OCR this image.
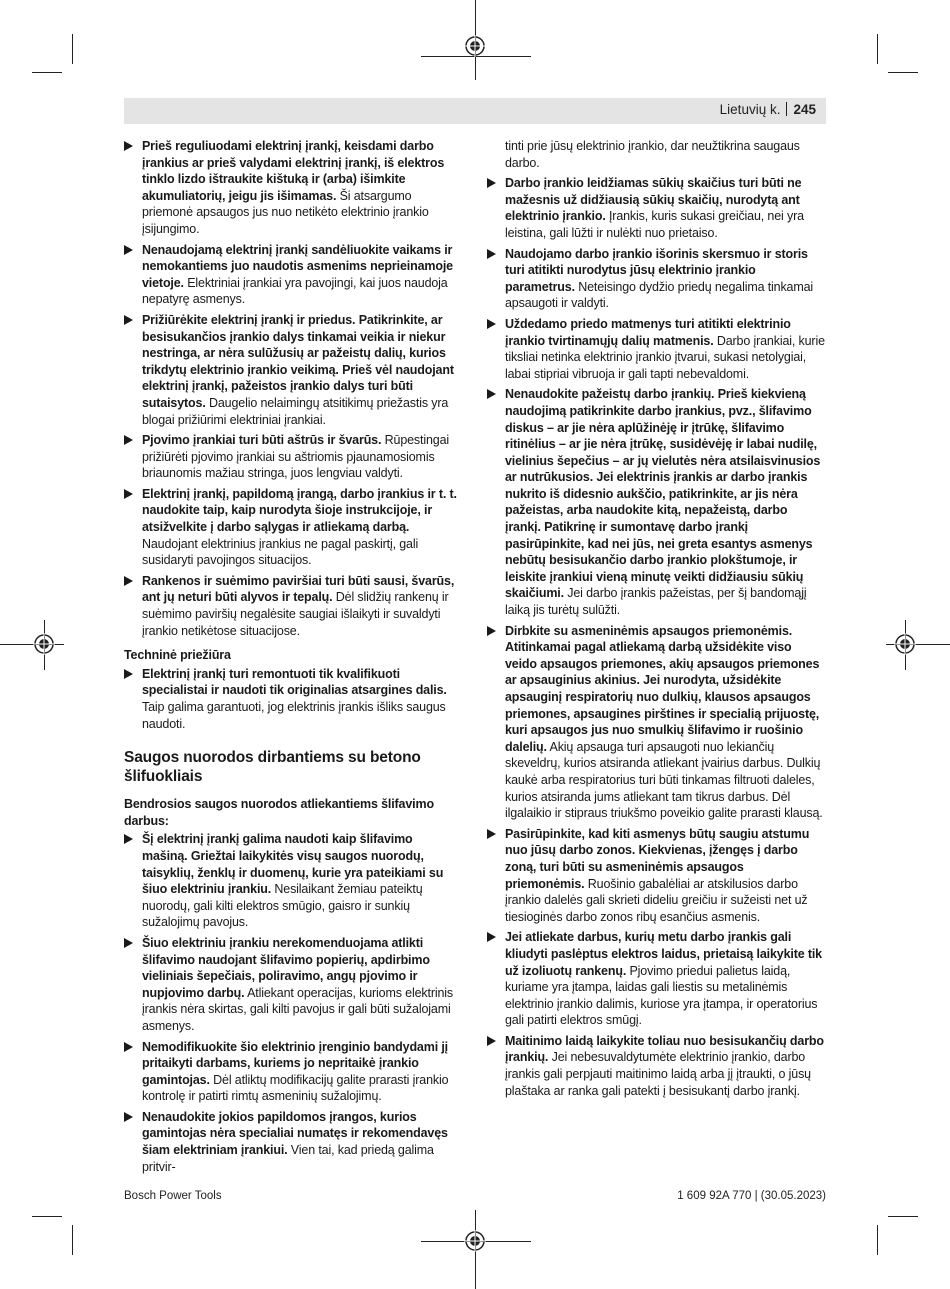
Lietuvių k. 245
Prieš reguliuodami elektrinį įrankį, keisdami darbo įrankius ar prieš valydami elektrinį įrankį, iš elektros tinklo lizdo ištraukite kištuką ir (arba) išimkite akumuliatorių, jeigu jis išimamas. Ši atsargumo priemonė apsaugos jus nuo netikėto elektrinio įrankio įsijungimo.
Nenaudojamą elektrinį įrankį sandėliuokite vaikams ir nemokantiems juo naudotis asmenims neprieinamoje vietoje. Elektriniai įrankiai yra pavojingi, kai juos naudoja nepatyrę asmenys.
Prižiūrėkite elektrinį įrankį ir priedus. Patikrinkite, ar besisukančios įrankio dalys tinkamai veikia ir niekur nestringa, ar nėra sulūžusių ar pažeistų dalių, kurios trikdytų elektrinio įrankio veikimą. Prieš vėl naudojant elektrinį įrankį, pažeistos įrankio dalys turi būti sutaisytos. Daugelio nelaimingų atsitikimų priežastis yra blogai prižiūrimi elektriniai įrankiai.
Pjovimo įrankiai turi būti aštrūs ir švarūs. Rūpestingai prižiūrėti pjovimo įrankiai su aštriomis pjaunamosiomis briaunomis mažiau stringa, juos lengviau valdyti.
Elektrinį įrankį, papildomą įrangą, darbo įrankius ir t. t. naudokite taip, kaip nurodyta šioje instrukcijoje, ir atsižvelkite į darbo sąlygas ir atliekamą darbą. Naudojant elektrinius įrankius ne pagal paskirtį, gali susidaryti pavojingos situacijos.
Rankenos ir suėmimo paviršiai turi būti sausi, švarūs, ant jų neturi būti alyvos ir tepalų. Dėl slidžių rankenų ir suėmimo paviršių negalėsite saugiai išlaikyti ir suvaldyti įrankio netikėtose situacijose.
Techninė priežiūra
Elektrinį įrankį turi remontuoti tik kvalifikuoti specialistai ir naudoti tik originalias atsargines dalis. Taip galima garantuoti, jog elektrinis įrankis išliks saugus naudoti.
Saugos nuorodos dirbantiems su betono šlifuokliais
Bendrosios saugos nuorodos atliekantiems šlifavimo darbus:
Šį elektrinį įrankį galima naudoti kaip šlifavimo mašiną. Griežtai laikykitės visų saugos nuorodų, taisyklių, ženklų ir duomenų, kurie yra pateikiami su šiuo elektriniu įrankiu. Nesilaikant žemiau pateiktų nuorodų, gali kilti elektros smūgio, gaisro ir sunkių sužalojimų pavojus.
Šiuo elektriniu įrankiu nerekomenduojama atlikti šlifavimo naudojant šlifavimo popierių, apdirbimo vieliniais šepečiais, poliravimo, angų pjovimo ir nupjovimo darbų. Atliekant operacijas, kurioms elektrinis įrankis nėra skirtas, gali kilti pavojus ir gali būti sužalojami asmenys.
Nemodifikuokite šio elektrinio įrenginio bandydami jį pritaikyti darbams, kuriems jo nepritaikė įrankio gamintojas. Dėl atliktų modifikacijų galite prarasti įrankio kontrolę ir patirti rimtų asmeninių sužalojimų.
Nenaudokite jokios papildomos įrangos, kurios gamintojas nėra specialiai numatęs ir rekomendavęs šiam elektriniam įrankiui. Vien tai, kad priedą galima pritvir-
tinti prie jūsų elektrinio įrankio, dar neužtikrina saugaus darbo.
Darbo įrankio leidžiamas sūkių skaičius turi būti ne mažesnis už didžiausią sūkių skaičių, nurodytą ant elektrinio įrankio. Įrankis, kuris sukasi greičiau, nei yra leistina, gali lūžti ir nulėkti nuo prietaiso.
Naudojamo darbo įrankio išorinis skersmuo ir storis turi atitikti nurodytus jūsų elektrinio įrankio parametrus. Neteisingo dydžio priedų negalima tinkamai apsaugoti ir valdyti.
Uždedamo priedo matmenys turi atitikti elektrinio įrankio tvirtinamųjų dalių matmenis. Darbo įrankiai, kurie tiksliai netinka elektrinio įrankio įtvarui, sukasi netolygiai, labai stipriai vibruoja ir gali tapti nebevaldomi.
Nenaudokite pažeistų darbo įrankių. Prieš kiekvieną naudojimą patikrinkite darbo įrankius, pvz., šlifavimo diskus – ar jie nėra aplūžinėję ir įtrūkę, šlifavimo ritinėlius – ar jie nėra įtrūkę, susidėvėję ir labai nudilę, vielinius šepečius – ar jų vielutės nėra atsilaisvinusios ar nutrūkusios. Jei elektrinis įrankis ar darbo įrankis nukrito iš didesnio aukščio, patikrinkite, ar jis nėra pažeistas, arba naudokite kitą, nepažeistą, darbo įrankį. Patikrinę ir sumontavę darbo įrankį pasirūpinkite, kad nei jūs, nei greta esantys asmenys nebūtų besisukančio darbo įrankio plokštumoje, ir leiskite įrankiui vieną minutę veikti didžiausiu sūkių skaičiumi. Jei darbo įrankis pažeistas, per šį bandomąjį laiką jis turėtų sulūžti.
Dirbkite su asmeninėmis apsaugos priemonėmis. Atitinkamai pagal atliekamą darbą užsidėkite viso veido apsaugos priemones, akių apsaugos priemones ar apsauginius akinius. Jei nurodyta, užsidėkite apsauginį respiratorių nuo dulkių, klausos apsaugos priemones, apsaugines pirštines ir specialią prijuostę, kuri apsaugos jus nuo smulkių šlifavimo ir ruošinio dalelių. Akių apsauga turi apsaugoti nuo lekiančių skeveldrų, kurios atsiranda atliekant įvairius darbus. Dulkių kaukė arba respiratorius turi būti tinkamas filtruoti daleles, kurios atsiranda jums atliekant tam tikrus darbus. Dėl ilgalaikio ir stipraus triukšmo poveikio galite prarasti klausą.
Pasirūpinkite, kad kiti asmenys būtų saugiu atstumu nuo jūsų darbo zonos. Kiekvienas, įžengęs į darbo zoną, turi būti su asmeninėmis apsaugos priemonėmis. Ruošinio gabalėliai ar atskilusios darbo įrankio dalelės gali skrieti dideliu greičiu ir sužeisti net už tiesioginės darbo zonos ribų esančius asmenis.
Jei atliekate darbus, kurių metu darbo įrankis gali kliudyti paslėptus elektros laidus, prietaisą laikykite tik už izoliuotų rankenų. Pjovimo priedui palietus laidą, kuriame yra įtampa, laidas gali liestis su metalinėmis elektrinio įrankio dalimis, kuriose yra įtampa, ir operatorius gali patirti elektros smūgį.
Maitinimo laidą laikykite toliau nuo besisukančių darbo įrankių. Jei nebesuvaldytumėte elektrinio įrankio, darbo įrankis gali perpjauti maitinimo laidą arba jį įtraukti, o jūsų plaštaka ar ranka gali patekti į besisukantį darbo įrankį.
Bosch Power Tools	1 609 92A 770 | (30.05.2023)
